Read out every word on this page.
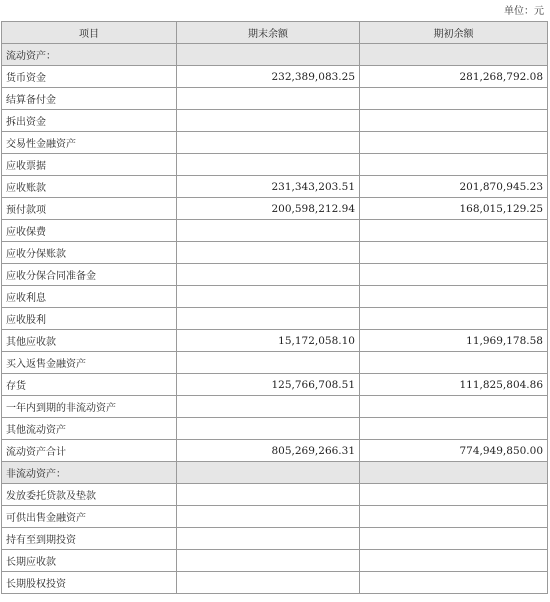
单位：元
项目	期末余额	期初余额
流动资产：		
货币资金	232,389,083.25	281,268,792.08
结算备付金		
拆出资金		
交易性金融资产		
应收票据		
应收账款	231,343,203.51	201,870,945.23
预付款项	200,598,212.94	168,015,129.25
应收保费		
应收分保账款		
应收分保合同准备金		
应收利息		
应收股利		
其他应收款	15,172,058.10	11,969,178.58
买入返售金融资产		
存货	125,766,708.51	111,825,804.86
一年内到期的非流动资产		
其他流动资产		
流动资产合计	805,269,266.31	774,949,850.00
非流动资产：		
发放委托贷款及垫款		
可供出售金融资产		
持有至到期投资		
长期应收款		
长期股权投资		
